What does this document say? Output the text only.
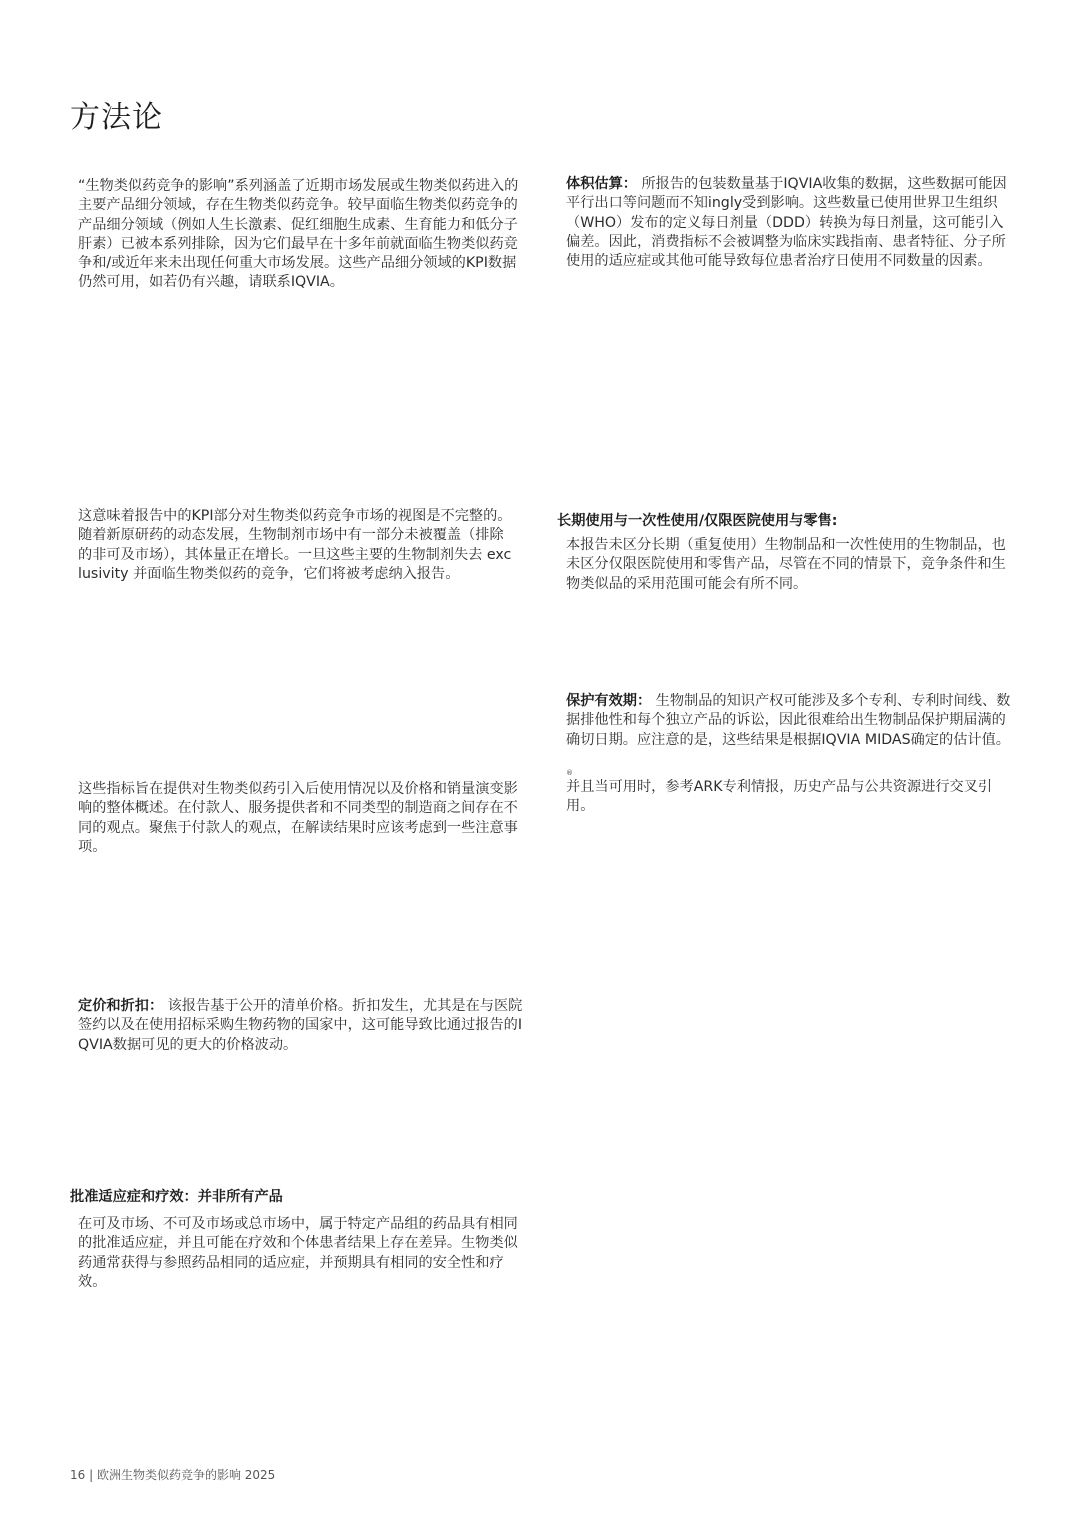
方法论

“生物类似药竞争的影响”系列涵盖了近期市场发展或生物类似药进入的主要产品细分领域，存在生物类似药竞争。较早面临生物类似药竞争的产品细分领域（例如人生长激素、促红细胞生成素、生育能力和低分子肝素）已被本系列排除，因为它们最早在十多年前就面临生物类似药竞争和/或近年来未出现任何重大市场发展。这些产品细分领域的KPI数据仍然可用，如若仍有兴趣，请联系IQVIA。

这意味着报告中的KPI部分对生物类似药竞争市场的视图是不完整的。随着新原研药的动态发展，生物制剂市场中有一部分未被覆盖（排除的非可及市场），其体量正在增长。一旦这些主要的生物制剂失去 exclusivity 并面临生物类似药的竞争，它们将被考虑纳入报告。

这些指标旨在提供对生物类似药引入后使用情况以及价格和销量演变影响的整体概述。在付款人、服务提供者和不同类型的制造商之间存在不同的观点。聚焦于付款人的观点，在解读结果时应该考虑到一些注意事项。

定价和折扣： 该报告基于公开的清单价格。折扣发生，尤其是在与医院签约以及在使用招标采购生物药物的国家中，这可能导致比通过报告的IQVIA数据可见的更大的价格波动。

批准适应症和疗效：并非所有产品

在可及市场、不可及市场或总市场中，属于特定产品组的药品具有相同的批准适应症，并且可能在疗效和个体患者结果上存在差异。生物类似药通常获得与参照药品相同的适应症，并预期具有相同的安全性和疗效。

体积估算： 所报告的包装数量基于IQVIA收集的数据，这些数据可能因平行出口等问题而不知ingly受到影响。这些数量已使用世界卫生组织（WHO）发布的定义每日剂量（DDD）转换为每日剂量，这可能引入偏差。因此，消费指标不会被调整为临床实践指南、患者特征、分子所使用的适应症或其他可能导致每位患者治疗日使用不同数量的因素。

长期使用与一次性使用/仅限医院使用与零售:

本报告未区分长期（重复使用）生物制品和一次性使用的生物制品，也未区分仅限医院使用和零售产品，尽管在不同的情景下，竞争条件和生物类似品的采用范围可能会有所不同。

保护有效期： 生物制品的知识产权可能涉及多个专利、专利时间线、数据排他性和每个独立产品的诉讼，因此很难给出生物制品保护期届满的确切日期。应注意的是，这些结果是根据IQVIA MIDAS确定的估计值。

®

并且当可用时，参考ARK专利情报，历史产品与公共资源进行交叉引用。

16 | 欧洲生物类似药竞争的影响 2025
